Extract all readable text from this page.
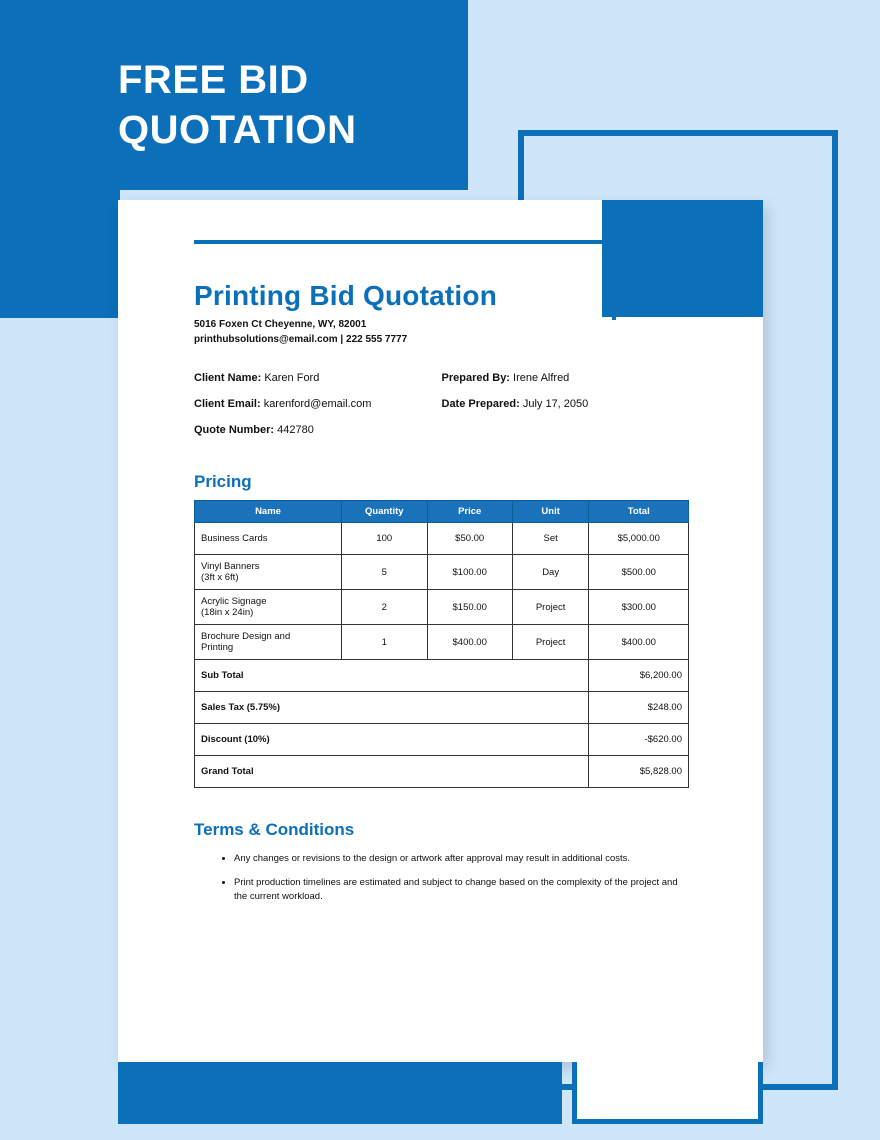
FREE BID
QUOTATION
Printing Bid Quotation
5016 Foxen Ct Cheyenne, WY, 82001
printhubsolutions@email.com | 222 555 7777
Client Name: Karen Ford	Prepared By: Irene Alfred
Client Email: karenford@email.com	Date Prepared: July 17, 2050
Quote Number: 442780
Pricing
Name	Quantity	Price	Unit	Total
Business Cards	100	$50.00	Set	$5,000.00
Vinyl Banners
(3ft x 6ft)	5	$100.00	Day	$500.00
Acrylic Signage
(18in x 24in)	2	$150.00	Project	$300.00
Brochure Design and
Printing	1	$400.00	Project	$400.00
Sub Total				$6,200.00
Sales Tax (5.75%)				$248.00
Discount (10%)				-$620.00
Grand Total				$5,828.00
Terms & Conditions
• Any changes or revisions to the design or artwork after approval may result in additional costs.
• Print production timelines are estimated and subject to change based on the complexity of the project and the current workload.
